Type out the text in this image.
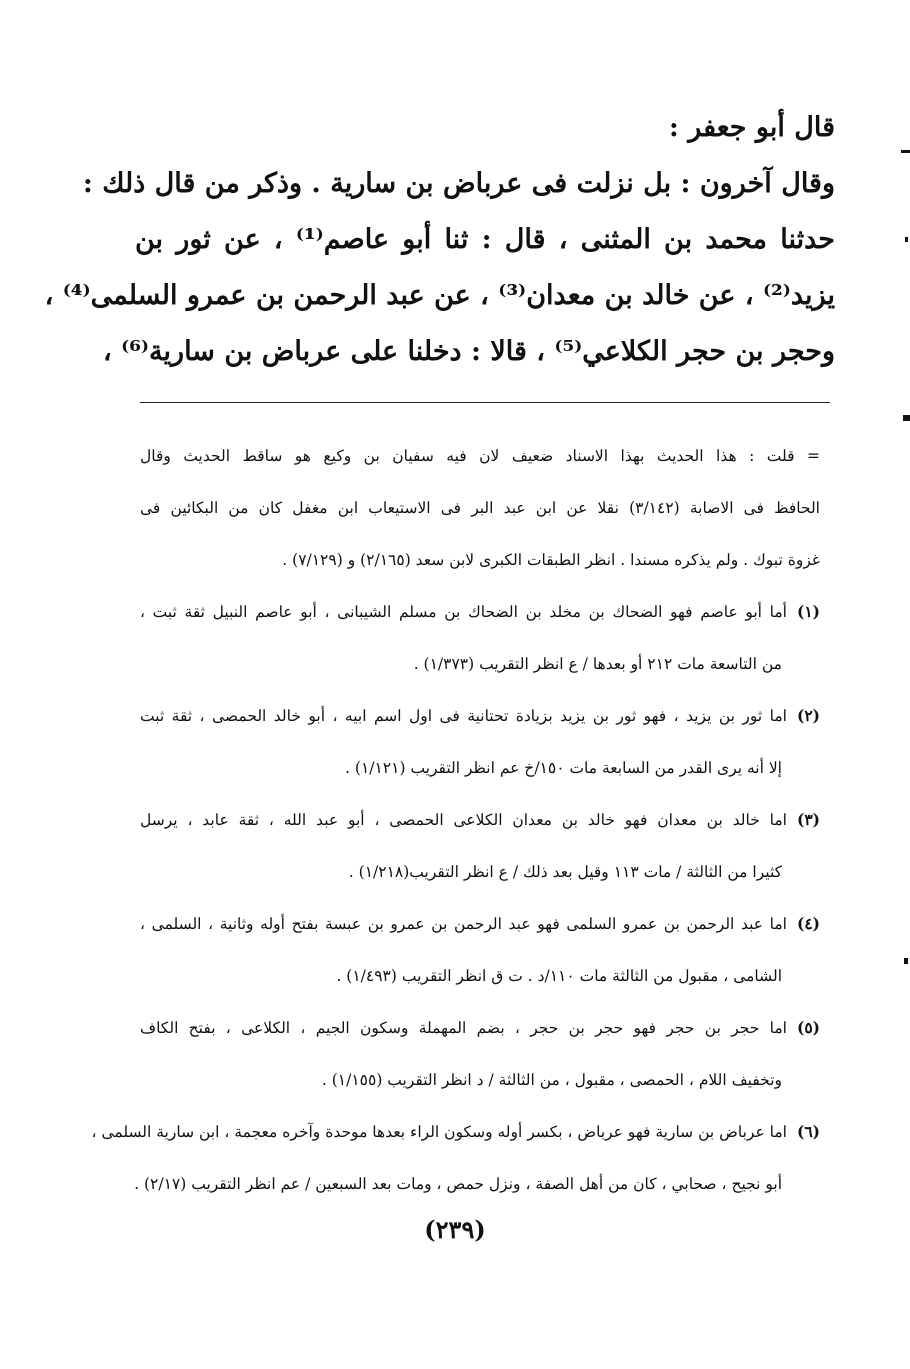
قال أبو جعفر :
وقال آخرون : بل نزلت فى عرباض بن سارية . وذكر من قال ذلك :
حدثنا محمد بن المثنى ، قال : ثنا أبو عاصم⁽¹⁾ ، عن ثور بن
يزيد⁽²⁾ ، عن خالد بن معدان⁽³⁾ ، عن عبد الرحمن بن عمرو السلمى⁽⁴⁾ ،
وحجر بن حجر الكلاعي⁽⁵⁾ ، قالا : دخلنا على عرباض بن سارية⁽⁶⁾ ،
= قلت : هذا الحديث بهذا الاسناد ضعيف لان فيه سفيان بن وكيع هو ساقط الحديث وقال
الحافظ فى الاصابة (٣/١٤٢) نقلا عن ابن عبد البر فى الاستيعاب ابن مغفل كان من البكائين فى
غزوة تبوك . ولم يذكره مسندا . انظر الطبقات الكبرى لابن سعد (٢/١٦٥) و (٧/١٢٩) .
(١)
أما أبو عاصم فهو الضحاك بن مخلد بن الضحاك بن مسلم الشيبانى ، أبو عاصم النبيل ثقة ثبت ،
من التاسعة مات ٢١٢ أو بعدها / ع انظر التقريب (١/٣٧٣) .
(٢)
اما ثور بن يزيد ، فهو ثور بن يزيد بزيادة تحتانية فى اول اسم ابيه ، أبو خالد الحمصى ، ثقة ثبت
إلا أنه يرى القدر من السابعة مات ١٥٠/خ عم انظر التقريب (١/١٢١) .
(٣)
اما خالد بن معدان فهو خالد بن معدان الكلاعى الحمصى ، أبو عبد الله ، ثقة عابد ، يرسل
كثيرا من الثالثة / مات ١١٣ وقيل بعد ذلك / ع انظر التقريب(١/٢١٨) .
(٤)
اما عبد الرحمن بن عمرو السلمى فهو عبد الرحمن بن عمرو بن عبسة بفتح أوله وثانية ، السلمى ،
الشامى ، مقبول من الثالثة مات ١١٠/د . ت ق انظر التقريب (١/٤٩٣) .
(٥)
اما حجر بن حجر فهو حجر بن حجر ، بضم المهملة وسكون الجيم ، الكلاعى ، بفتح الكاف
وتخفيف اللام ، الحمصى ، مقبول ، من الثالثة / د انظر التقريب (١/١٥٥) .
(٦)
اما عرباض بن سارية فهو عرباض ، بكسر أوله وسكون الراء بعدها موحدة وآخره معجمة ، ابن سارية السلمى ،
أبو نجيح ، صحابي ، كان من أهل الصفة ، ونزل حمص ، ومات بعد السبعين / عم انظر التقريب (٢/١٧) .
(٢٣٩)
